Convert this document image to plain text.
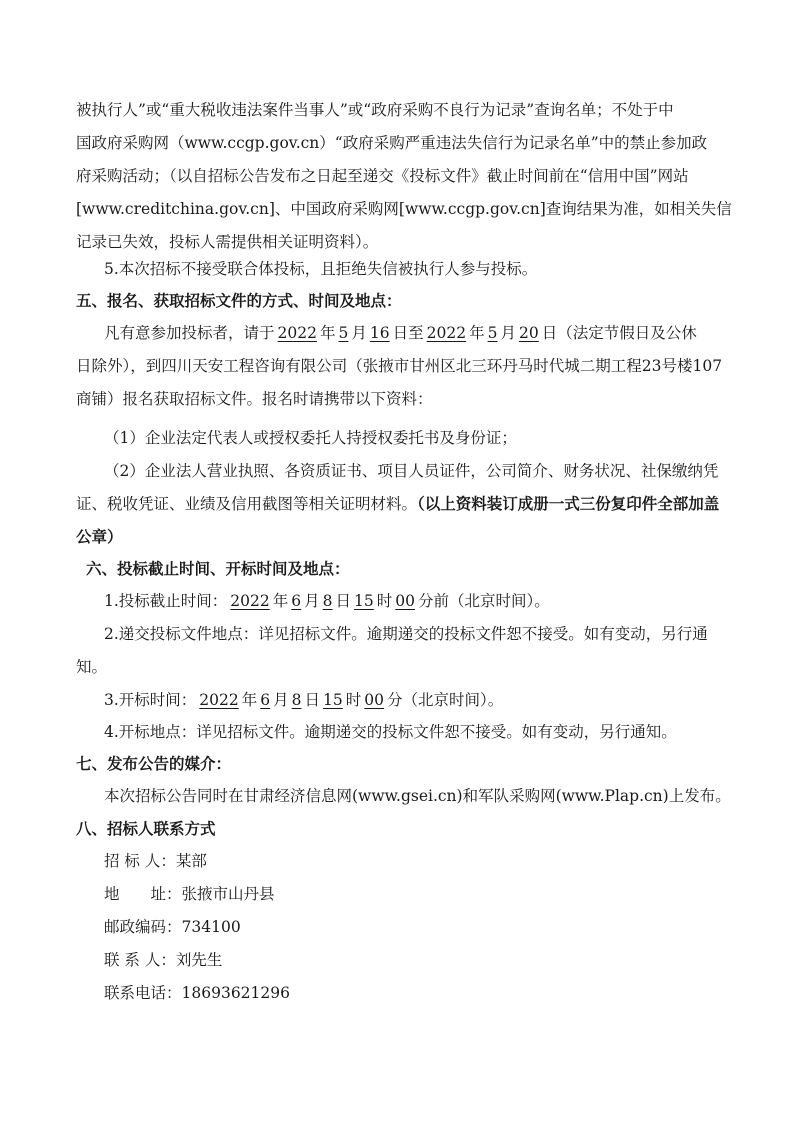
被执行人”或“重大税收违法案件当事人”或“政府采购不良行为记录”查询名单；不处于中
国政府采购网（www.ccgp.gov.cn）“政府采购严重违法失信行为记录名单”中的禁止参加政
府采购活动；（以自招标公告发布之日起至递交《投标文件》截止时间前在“信用中国”网站
[www.creditchina.gov.cn]、中国政府采购网[www.ccgp.gov.cn]查询结果为准，如相关失信
记录已失效，投标人需提供相关证明资料）。
5.本次招标不接受联合体投标，且拒绝失信被执行人参与投标。
五、报名、获取招标文件的方式、时间及地点：
凡有意参加投标者，请于 2022 年 5 月 16 日至 2022 年 5 月 20 日（法定节假日及公休
日除外），到四川天安工程咨询有限公司（张掖市甘州区北三环丹马时代城二期工程23号楼107
商铺）报名获取招标文件。报名时请携带以下资料：
（1）企业法定代表人或授权委托人持授权委托书及身份证；
（2）企业法人营业执照、各资质证书、项目人员证件，公司简介、财务状况、社保缴纳凭
证、税收凭证、业绩及信用截图等相关证明材料。（以上资料装订成册一式三份复印件全部加盖
公章）
六、投标截止时间、开标时间及地点：
1.投标截止时间： 2022 年 6 月 8 日 15 时 00 分前（北京时间）。
2.递交投标文件地点：详见招标文件。逾期递交的投标文件恕不接受。如有变动，另行通
知。
3.开标时间： 2022 年 6 月 8 日 15 时 00 分（北京时间）。
4.开标地点：详见招标文件。逾期递交的投标文件恕不接受。如有变动，另行通知。
七、发布公告的媒介：
本次招标公告同时在甘肃经济信息网(www.gsei.cn)和军队采购网(www.Plap.cn)上发布。
八、招标人联系方式
招 标 人：某部
地　　址：张掖市山丹县
邮政编码：734100
联 系 人：刘先生
联系电话：18693621296
